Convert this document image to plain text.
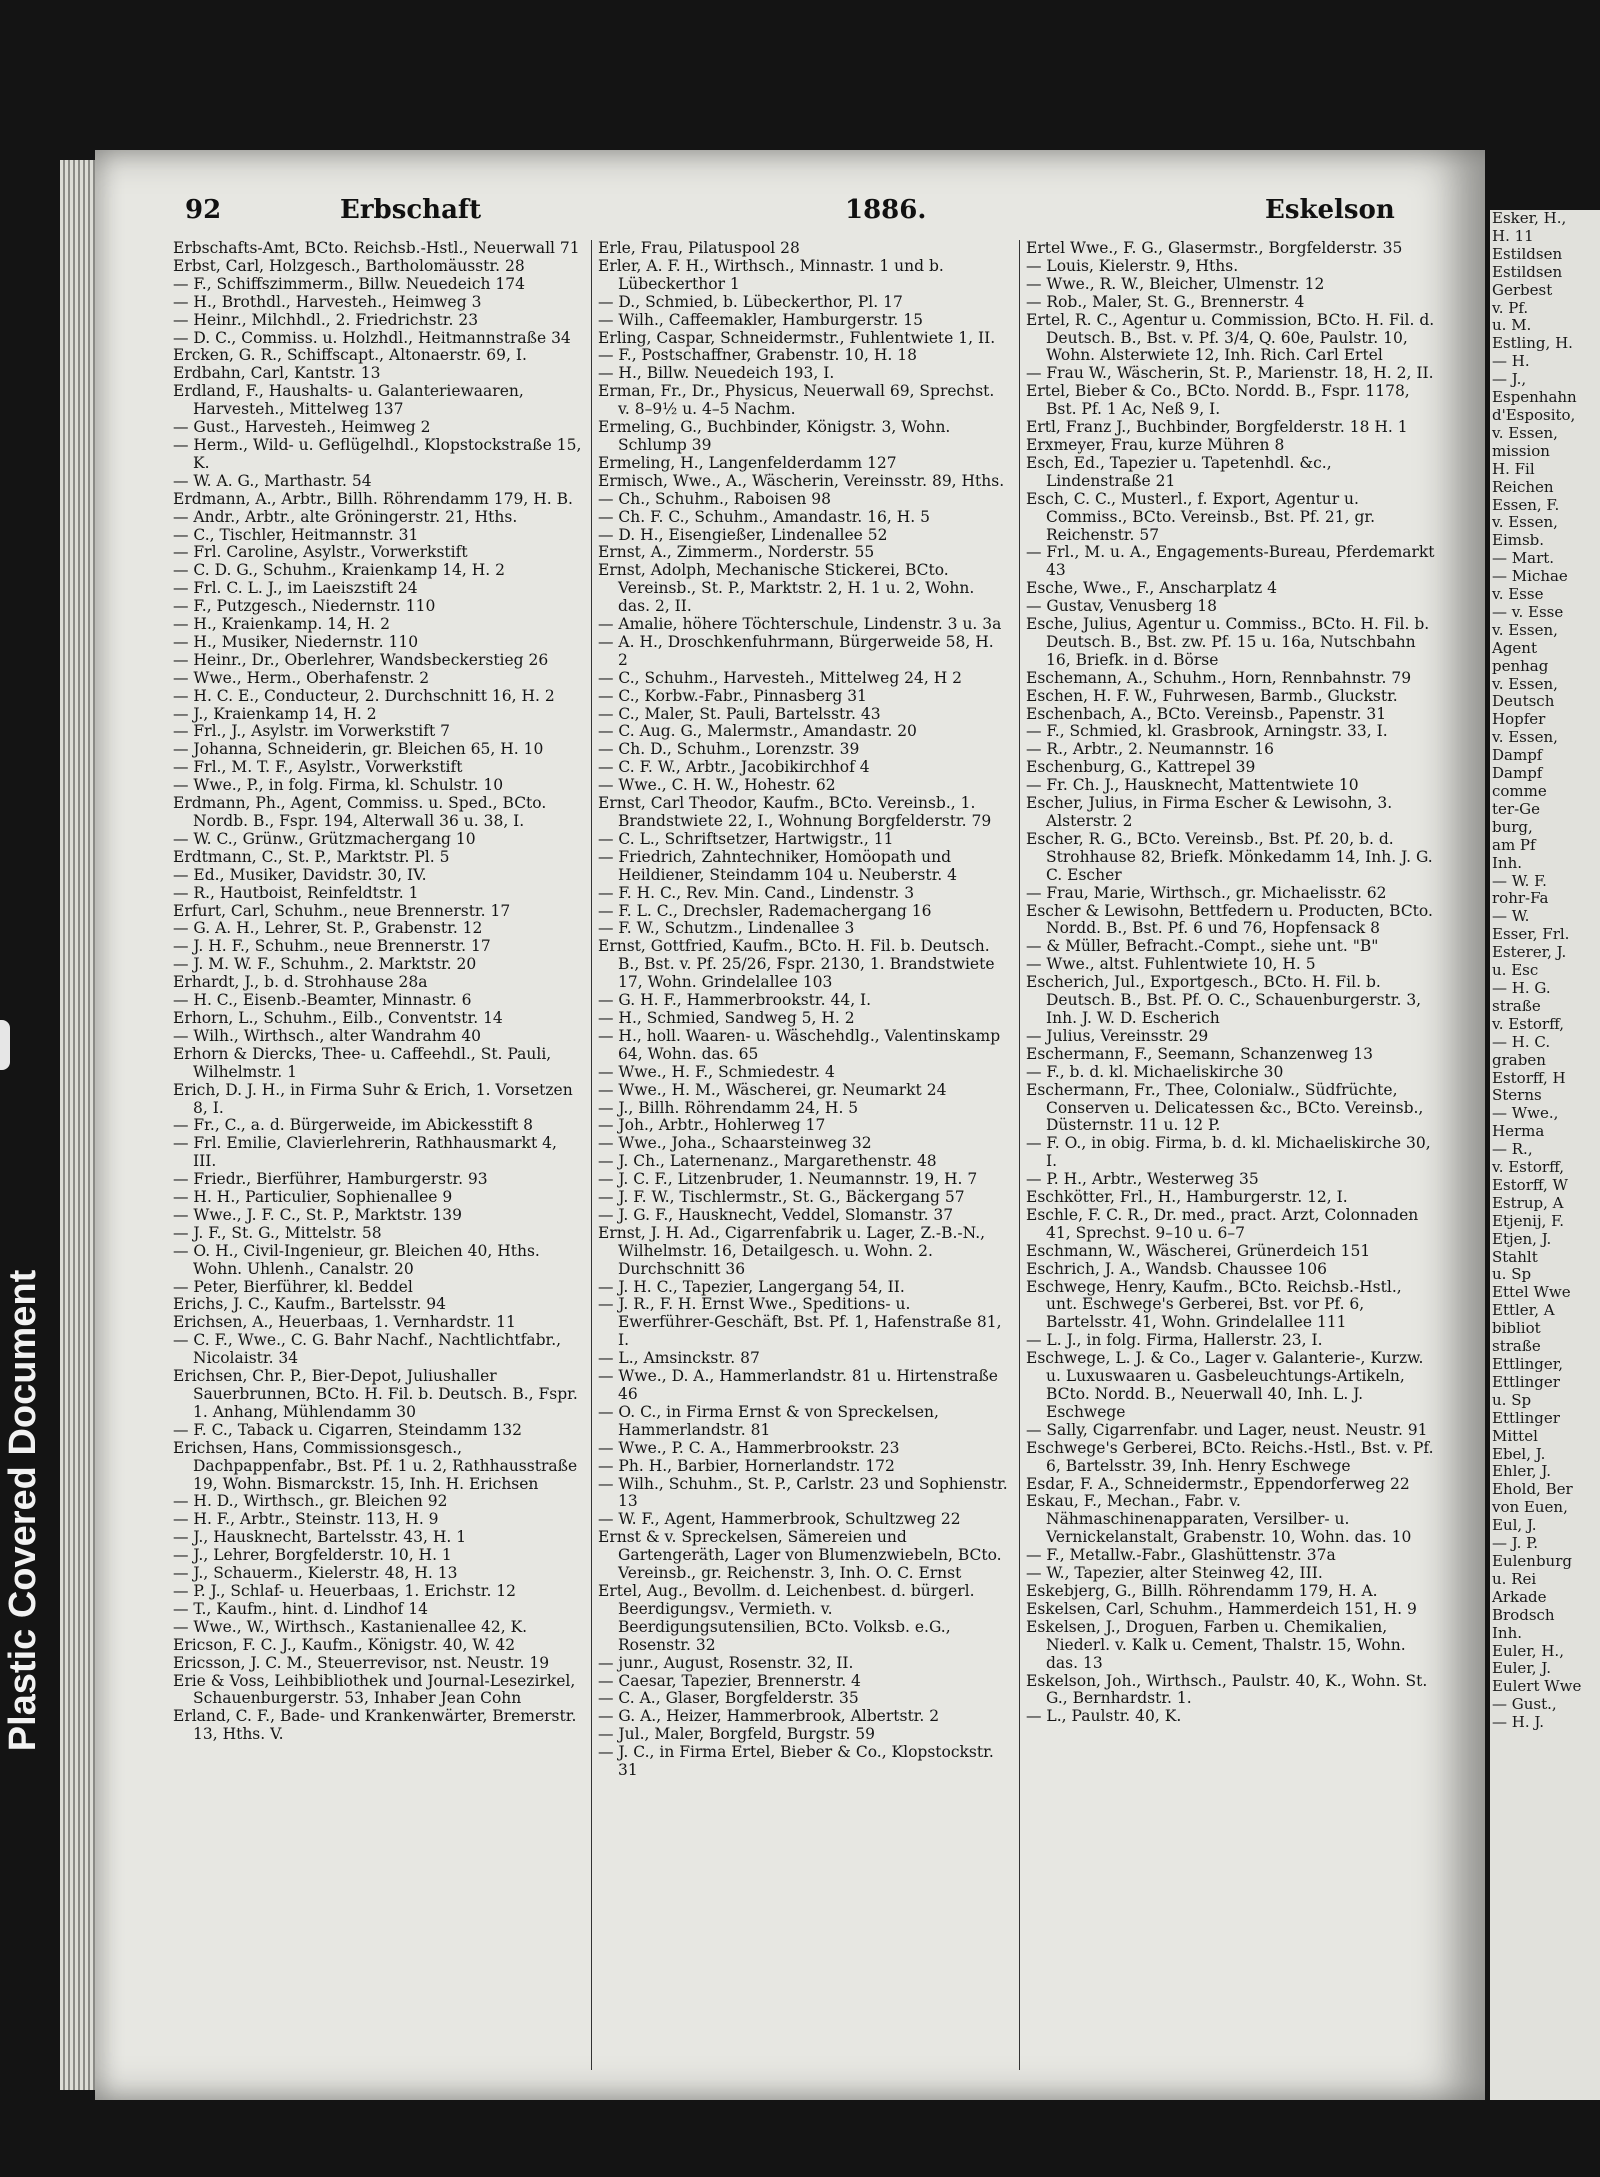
Plastic Covered Document
92	Erbschaft	1886.	Eskelson

Erbschafts-Amt, BCto. Reichsb.-Hstl., Neuerwall 71

Erbst, Carl, Holzgesch., Bartholomäusstr. 28

— F., Schiffszimmerm., Billw. Neuedeich 174

— H., Brothdl., Harvesteh., Heimweg 3

— Heinr., Milchhdl., 2. Friedrichstr. 23

— D. C., Commiss. u. Holzhdl., Heitmannstraße 34

Ercken, G. R., Schiffscapt., Altonaerstr. 69, I.

Erdbahn, Carl, Kantstr. 13

Erdland, F., Haushalts- u. Galanteriewaaren, Harvesteh., Mittelweg 137

— Gust., Harvesteh., Heimweg 2

— Herm., Wild- u. Geflügelhdl., Klopstockstraße 15, K.

— W. A. G., Marthastr. 54

Erdmann, A., Arbtr., Billh. Röhrendamm 179, H. B.

— Andr., Arbtr., alte Gröningerstr. 21, Hths.

— C., Tischler, Heitmannstr. 31

— Frl. Caroline, Asylstr., Vorwerkstift

— C. D. G., Schuhm., Kraienkamp 14, H. 2

— Frl. C. L. J., im Laeiszstift 24

— F., Putzgesch., Niedernstr. 110

— H., Kraienkamp. 14, H. 2

— H., Musiker, Niedernstr. 110

— Heinr., Dr., Oberlehrer, Wandsbeckerstieg 26

— Wwe., Herm., Oberhafenstr. 2

— H. C. E., Conducteur, 2. Durchschnitt 16, H. 2

— J., Kraienkamp 14, H. 2

— Frl., J., Asylstr. im Vorwerkstift 7

— Johanna, Schneiderin, gr. Bleichen 65, H. 10

— Frl., M. T. F., Asylstr., Vorwerkstift

— Wwe., P., in folg. Firma, kl. Schulstr. 10

Erdmann, Ph., Agent, Commiss. u. Sped., BCto. Nordb. B., Fspr. 194, Alterwall 36 u. 38, I.

— W. C., Grünw., Grützmachergang 10

Erdtmann, C., St. P., Marktstr. Pl. 5

— Ed., Musiker, Davidstr. 30, IV.

— R., Hautboist, Reinfeldtstr. 1

Erfurt, Carl, Schuhm., neue Brennerstr. 17

— G. A. H., Lehrer, St. P., Grabenstr. 12

— J. H. F., Schuhm., neue Brennerstr. 17

— J. M. W. F., Schuhm., 2. Marktstr. 20

Erhardt, J., b. d. Strohhause 28a

— H. C., Eisenb.-Beamter, Minnastr. 6

Erhorn, L., Schuhm., Eilb., Conventstr. 14

— Wilh., Wirthsch., alter Wandrahm 40

Erhorn & Diercks, Thee- u. Caffeehdl., St. Pauli, Wilhelmstr. 1

Erich, D. J. H., in Firma Suhr & Erich, 1. Vorsetzen 8, I.

— Fr., C., a. d. Bürgerweide, im Abickesstift 8

— Frl. Emilie, Clavierlehrerin, Rathhausmarkt 4, III.

— Friedr., Bierführer, Hamburgerstr. 93

— H. H., Particulier, Sophienallee 9

— Wwe., J. F. C., St. P., Marktstr. 139

— J. F., St. G., Mittelstr. 58

— O. H., Civil-Ingenieur, gr. Bleichen 40, Hths. Wohn. Uhlenh., Canalstr. 20

— Peter, Bierführer, kl. Beddel

Erichs, J. C., Kaufm., Bartelsstr. 94

Erichsen, A., Heuerbaas, 1. Vernhardstr. 11

— C. F., Wwe., C. G. Bahr Nachf., Nachtlichtfabr., Nicolaistr. 34

Erichsen, Chr. P., Bier-Depot, Juliushaller Sauerbrunnen, BCto. H. Fil. b. Deutsch. B., Fspr. 1. Anhang, Mühlendamm 30

— F. C., Taback u. Cigarren, Steindamm 132

Erichsen, Hans, Commissionsgesch., Dachpappenfabr., Bst. Pf. 1 u. 2, Rathhausstraße 19, Wohn. Bismarckstr. 15, Inh. H. Erichsen

— H. D., Wirthsch., gr. Bleichen 92

— H. F., Arbtr., Steinstr. 113, H. 9

— J., Hausknecht, Bartelsstr. 43, H. 1

— J., Lehrer, Borgfelderstr. 10, H. 1

— J., Schauerm., Kielerstr. 48, H. 13

— P. J., Schlaf- u. Heuerbaas, 1. Erichstr. 12

— T., Kaufm., hint. d. Lindhof 14

— Wwe., W., Wirthsch., Kastanienallee 42, K.

Ericson, F. C. J., Kaufm., Königstr. 40, W. 42

Ericsson, J. C. M., Steuerrevisor, nst. Neustr. 19

Erie & Voss, Leihbibliothek und Journal-Lesezirkel, Schauenburgerstr. 53, Inhaber Jean Cohn

Erland, C. F., Bade- und Krankenwärter, Bremerstr. 13, Hths. V.

Erle, Frau, Pilatuspool 28

Erler, A. F. H., Wirthsch., Minnastr. 1 und b. Lübeckerthor 1

— D., Schmied, b. Lübeckerthor, Pl. 17

— Wilh., Caffeemakler, Hamburgerstr. 15

Erling, Caspar, Schneidermstr., Fuhlentwiete 1, II.

— F., Postschaffner, Grabenstr. 10, H. 18

— H., Billw. Neuedeich 193, I.

Erman, Fr., Dr., Physicus, Neuerwall 69, Sprechst. v. 8–9½ u. 4–5 Nachm.

Ermeling, G., Buchbinder, Königstr. 3, Wohn. Schlump 39

Ermeling, H., Langenfelderdamm 127

Ermisch, Wwe., A., Wäscherin, Vereinsstr. 89, Hths.

— Ch., Schuhm., Raboisen 98

— Ch. F. C., Schuhm., Amandastr. 16, H. 5

— D. H., Eisengießer, Lindenallee 52

Ernst, A., Zimmerm., Norderstr. 55

Ernst, Adolph, Mechanische Stickerei, BCto. Vereinsb., St. P., Marktstr. 2, H. 1 u. 2, Wohn. das. 2, II.

— Amalie, höhere Töchterschule, Lindenstr. 3 u. 3a

— A. H., Droschkenfuhrmann, Bürgerweide 58, H. 2

— C., Schuhm., Harvesteh., Mittelweg 24, H 2

— C., Korbw.-Fabr., Pinnasberg 31

— C., Maler, St. Pauli, Bartelsstr. 43

— C. Aug. G., Malermstr., Amandastr. 20

— Ch. D., Schuhm., Lorenzstr. 39

— C. F. W., Arbtr., Jacobikirchhof 4

— Wwe., C. H. W., Hohestr. 62

Ernst, Carl Theodor, Kaufm., BCto. Vereinsb., 1. Brandstwiete 22, I., Wohnung Borgfelderstr. 79

— C. L., Schriftsetzer, Hartwigstr., 11

— Friedrich, Zahntechniker, Homöopath und Heildiener, Steindamm 104 u. Neuberstr. 4

— F. H. C., Rev. Min. Cand., Lindenstr. 3

— F. L. C., Drechsler, Rademachergang 16

— F. W., Schutzm., Lindenallee 3

Ernst, Gottfried, Kaufm., BCto. H. Fil. b. Deutsch. B., Bst. v. Pf. 25/26, Fspr. 2130, 1. Brandstwiete 17, Wohn. Grindelallee 103

— G. H. F., Hammerbrookstr. 44, I.

— H., Schmied, Sandweg 5, H. 2

— H., holl. Waaren- u. Wäschehdlg., Valentinskamp 64, Wohn. das. 65

— Wwe., H. F., Schmiedestr. 4

— Wwe., H. M., Wäscherei, gr. Neumarkt 24

— J., Billh. Röhrendamm 24, H. 5

— Joh., Arbtr., Hohlerweg 17

— Wwe., Joha., Schaarsteinweg 32

— J. Ch., Laternenanz., Margarethenstr. 48

— J. C. F., Litzenbruder, 1. Neumannstr. 19, H. 7

— J. F. W., Tischlermstr., St. G., Bäckergang 57

— J. G. F., Hausknecht, Veddel, Slomanstr. 37

Ernst, J. H. Ad., Cigarrenfabrik u. Lager, Z.-B.-N., Wilhelmstr. 16, Detailgesch. u. Wohn. 2. Durchschnitt 36

— J. H. C., Tapezier, Langergang 54, II.

— J. R., F. H. Ernst Wwe., Speditions- u. Ewerführer-Geschäft, Bst. Pf. 1, Hafenstraße 81, I.

— L., Amsinckstr. 87

— Wwe., D. A., Hammerlandstr. 81 u. Hirtenstraße 46

— O. C., in Firma Ernst & von Spreckelsen, Hammerlandstr. 81

— Wwe., P. C. A., Hammerbrookstr. 23

— Ph. H., Barbier, Hornerlandstr. 172

— Wilh., Schuhm., St. P., Carlstr. 23 und Sophienstr. 13

— W. F., Agent, Hammerbrook, Schultzweg 22

Ernst & v. Spreckelsen, Sämereien und Gartengeräth, Lager von Blumenzwiebeln, BCto. Vereinsb., gr. Reichenstr. 3, Inh. O. C. Ernst

Ertel, Aug., Bevollm. d. Leichenbest. d. bürgerl. Beerdigungsv., Vermieth. v. Beerdigungsutensilien, BCto. Volksb. e.G., Rosenstr. 32

— junr., August, Rosenstr. 32, II.

— Caesar, Tapezier, Brennerstr. 4

— C. A., Glaser, Borgfelderstr. 35

— G. A., Heizer, Hammerbrook, Albertstr. 2

— Jul., Maler, Borgfeld, Burgstr. 59

— J. C., in Firma Ertel, Bieber & Co., Klopstockstr. 31

Ertel Wwe., F. G., Glasermstr., Borgfelderstr. 35

— Louis, Kielerstr. 9, Hths.

— Wwe., R. W., Bleicher, Ulmenstr. 12

— Rob., Maler, St. G., Brennerstr. 4

Ertel, R. C., Agentur u. Commission, BCto. H. Fil. d. Deutsch. B., Bst. v. Pf. 3/4, Q. 60e, Paulstr. 10, Wohn. Alsterwiete 12, Inh. Rich. Carl Ertel

— Frau W., Wäscherin, St. P., Marienstr. 18, H. 2, II.

Ertel, Bieber & Co., BCto. Nordd. B., Fspr. 1178, Bst. Pf. 1 Ac, Neß 9, I.

Ertl, Franz J., Buchbinder, Borgfelderstr. 18 H. 1

Erxmeyer, Frau, kurze Mühren 8

Esch, Ed., Tapezier u. Tapetenhdl. &c., Lindenstraße 21

Esch, C. C., Musterl., f. Export, Agentur u. Commiss., BCto. Vereinsb., Bst. Pf. 21, gr. Reichenstr. 57

— Frl., M. u. A., Engagements-Bureau, Pferdemarkt 43

Esche, Wwe., F., Anscharplatz 4

— Gustav, Venusberg 18

Esche, Julius, Agentur u. Commiss., BCto. H. Fil. b. Deutsch. B., Bst. zw. Pf. 15 u. 16a, Nutschbahn 16, Briefk. in d. Börse

Eschemann, A., Schuhm., Horn, Rennbahnstr. 79

Eschen, H. F. W., Fuhrwesen, Barmb., Gluckstr.

Eschenbach, A., BCto. Vereinsb., Papenstr. 31

— F., Schmied, kl. Grasbrook, Arningstr. 33, I.

— R., Arbtr., 2. Neumannstr. 16

Eschenburg, G., Kattrepel 39

— Fr. Ch. J., Hausknecht, Mattentwiete 10

Escher, Julius, in Firma Escher & Lewisohn, 3. Alsterstr. 2

Escher, R. G., BCto. Vereinsb., Bst. Pf. 20, b. d. Strohhause 82, Briefk. Mönkedamm 14, Inh. J. G. C. Escher

— Frau, Marie, Wirthsch., gr. Michaelisstr. 62

Escher & Lewisohn, Bettfedern u. Producten, BCto. Nordd. B., Bst. Pf. 6 und 76, Hopfensack 8

— & Müller, Befracht.-Compt., siehe unt. "B"

— Wwe., altst. Fuhlentwiete 10, H. 5

Escherich, Jul., Exportgesch., BCto. H. Fil. b. Deutsch. B., Bst. Pf. O. C., Schauenburgerstr. 3, Inh. J. W. D. Escherich

— Julius, Vereinsstr. 29

Eschermann, F., Seemann, Schanzenweg 13

— F., b. d. kl. Michaeliskirche 30

Eschermann, Fr., Thee, Colonialw., Südfrüchte, Conserven u. Delicatessen &c., BCto. Vereinsb., Düsternstr. 11 u. 12 P.

— F. O., in obig. Firma, b. d. kl. Michaeliskirche 30, I.

— P. H., Arbtr., Westerweg 35

Eschkötter, Frl., H., Hamburgerstr. 12, I.

Eschle, F. C. R., Dr. med., pract. Arzt, Colonnaden 41, Sprechst. 9–10 u. 6–7

Eschmann, W., Wäscherei, Grünerdeich 151

Eschrich, J. A., Wandsb. Chaussee 106

Eschwege, Henry, Kaufm., BCto. Reichsb.-Hstl., unt. Eschwege's Gerberei, Bst. vor Pf. 6, Bartelsstr. 41, Wohn. Grindelallee 111

— L. J., in folg. Firma, Hallerstr. 23, I.

Eschwege, L. J. & Co., Lager v. Galanterie-, Kurzw. u. Luxuswaaren u. Gasbeleuchtungs-Artikeln, BCto. Nordd. B., Neuerwall 40, Inh. L. J. Eschwege

— Sally, Cigarrenfabr. und Lager, neust. Neustr. 91

Eschwege's Gerberei, BCto. Reichs.-Hstl., Bst. v. Pf. 6, Bartelsstr. 39, Inh. Henry Eschwege

Esdar, F. A., Schneidermstr., Eppendorferweg 22

Eskau, F., Mechan., Fabr. v. Nähmaschinenapparaten, Versilber- u. Vernickelanstalt, Grabenstr. 10, Wohn. das. 10

— F., Metallw.-Fabr., Glashüttenstr. 37a

— W., Tapezier, alter Steinweg 42, III.

Eskebjerg, G., Billh. Röhrendamm 179, H. A.

Eskelsen, Carl, Schuhm., Hammerdeich 151, H. 9

Eskelsen, J., Droguen, Farben u. Chemikalien, Niederl. v. Kalk u. Cement, Thalstr. 15, Wohn. das. 13

Eskelson, Joh., Wirthsch., Paulstr. 40, K., Wohn. St. G., Bernhardstr. 1.

— L., Paulstr. 40, K.

Esker, H.,

H. 11

Estildsen

Estildsen

Gerbest

v. Pf.

u. M.

Estling, H.

— H.

— J.,

Espenhahn

d'Esposito,

v. Essen,

mission

H. Fil

Reichen

Essen, F.

v. Essen,

Eimsb.

— Mart.

— Michae

v. Esse

— v. Esse

v. Essen,

Agent

penhag

v. Essen,

Deutsch

Hopfer

v. Essen,

Dampf

Dampf

comme

ter-Ge

burg,

am Pf

Inh.

— W. F.

rohr-Fa

— W.

Esser, Frl.

Esterer, J.

u. Esc

— H. G.

straße

v. Estorff,

— H. C.

graben

Estorff, H

Sterns

— Wwe.,

Herma

— R.,

v. Estorff,

Estorff, W

Estrup, A

Etjenij, F.

Etjen, J.

Stahlt

u. Sp

Ettel Wwe

Ettler, A

bibliot

straße

Ettlinger,

Ettlinger

u. Sp

Ettlinger

Mittel

Ebel, J.

Ehler, J.

Ehold, Ber

von Euen,

Eul, J.

— J. P.

Eulenburg

u. Rei

Arkade

Brodsch

Inh.

Euler, H.,

Euler, J.

Eulert Wwe

— Gust.,

— H. J.
